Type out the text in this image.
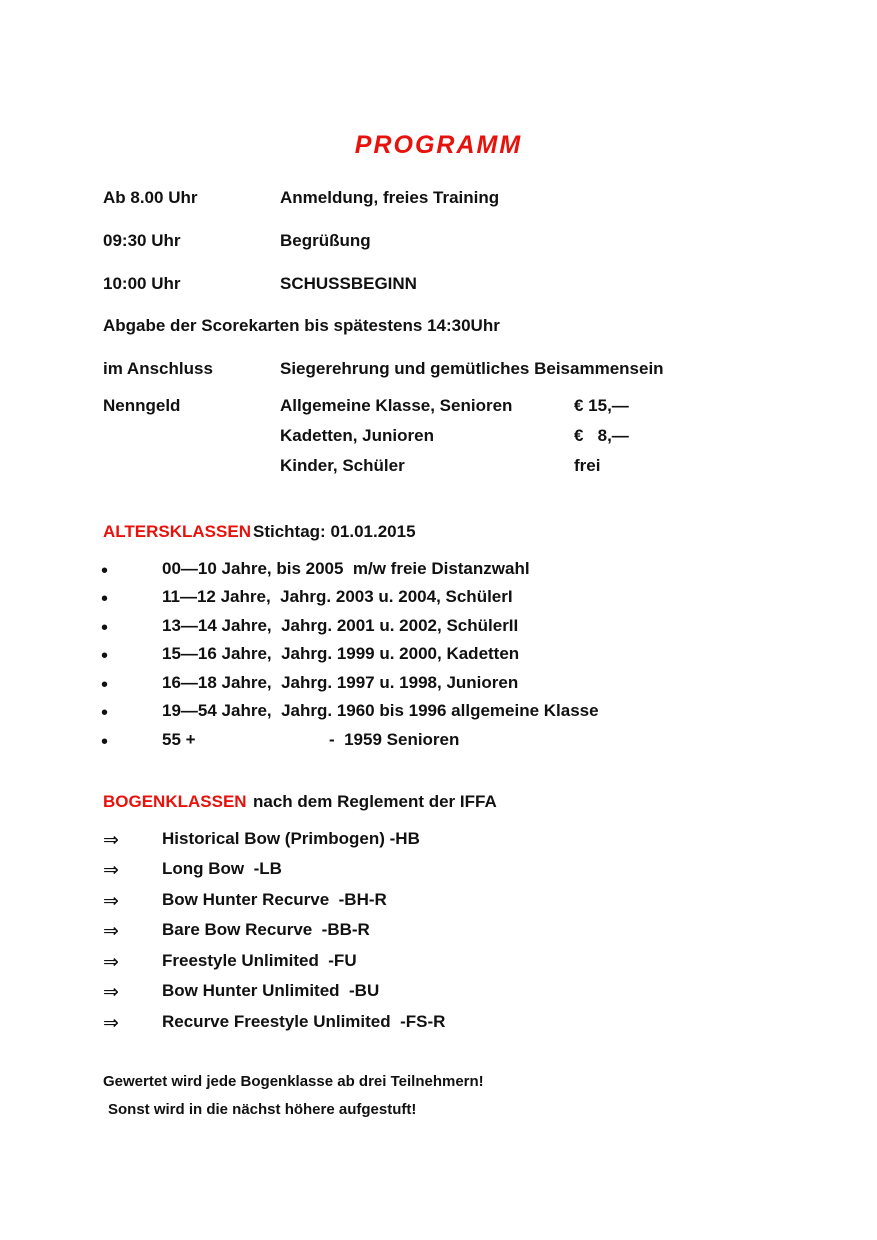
PROGRAMM
Ab 8.00 Uhr	Anmeldung, freies Training
09:30 Uhr	Begrüßung
10:00 Uhr	SCHUSSBEGINN
Abgabe der Scorekarten bis spätestens 14:30Uhr
im Anschluss	Siegerehrung und gemütliches Beisammensein
Nenngeld	Allgemeine Klasse, Senioren	€ 15,—
Kadetten, Junioren	€   8,—
Kinder, Schüler	frei
ALTERSKLASSEN Stichtag: 01.01.2015
•	00—10 Jahre, bis 2005  m/w freie Distanzwahl
•	11—12 Jahre,  Jahrg. 2003 u. 2004, SchülerI
•	13—14 Jahre,  Jahrg. 2001 u. 2002, SchülerII
•	15—16 Jahre,  Jahrg. 1999 u. 2000, Kadetten
•	16—18 Jahre,  Jahrg. 1997 u. 1998, Junioren
•	19—54 Jahre,  Jahrg. 1960 bis 1996 allgemeine Klasse
•	55 +	-  1959 Senioren
BOGENKLASSEN nach dem Reglement der IFFA
⇒	Historical Bow (Primbogen) -HB
⇒	Long Bow  -LB
⇒	Bow Hunter Recurve  -BH-R
⇒	Bare Bow Recurve  -BB-R
⇒	Freestyle Unlimited  -FU
⇒	Bow Hunter Unlimited  -BU
⇒	Recurve Freestyle Unlimited  -FS-R
Gewertet wird jede Bogenklasse ab drei Teilnehmern!
Sonst wird in die nächst höhere aufgestuft!
